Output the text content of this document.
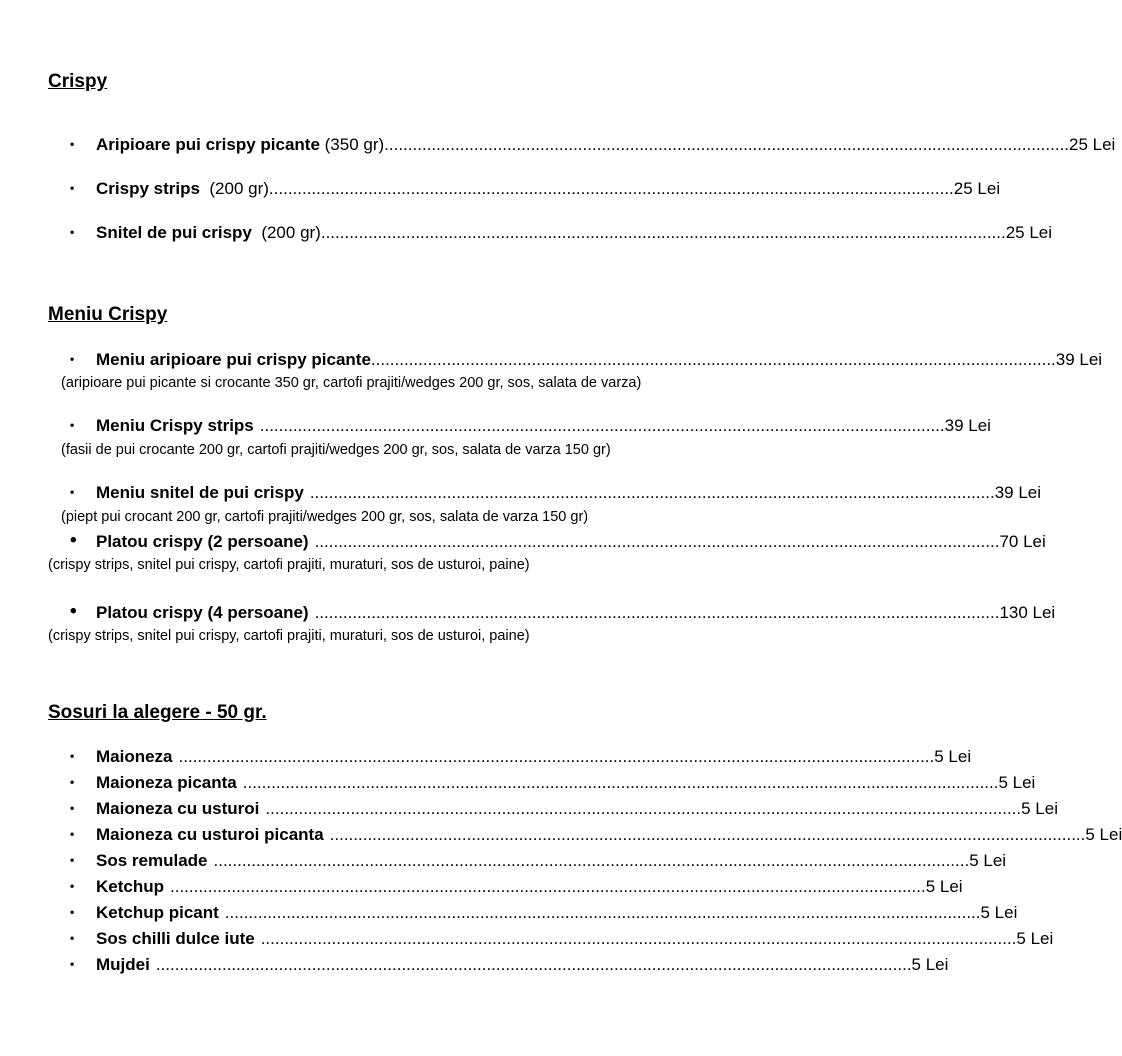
Crispy
• Aripioare pui crispy picante (350 gr) ................................................................................................................................................. 25 Lei
• Crispy strips (200 gr) ................................................................................................................................................. 25 Lei
• Snitel de pui crispy (200 gr) ................................................................................................................................................. 25 Lei
Meniu Crispy
• Meniu aripioare pui crispy picante ................................................................................................................................................. 39 Lei
(aripioare pui picante si crocante 350 gr, cartofi prajiti/wedges 200 gr, sos, salata de varza)
• Meniu Crispy strips ................................................................................................................................................. 39 Lei
(fasii de pui crocante 200 gr, cartofi prajiti/wedges 200 gr, sos, salata de varza 150 gr)
• Meniu snitel de pui crispy ................................................................................................................................................. 39 Lei
(piept pui crocant 200 gr, cartofi prajiti/wedges 200 gr, sos, salata de varza 150 gr)
• Platou crispy (2 persoane) ................................................................................................................................................. 70 Lei
(crispy strips, snitel pui crispy, cartofi prajiti, muraturi, sos de usturoi, paine)
• Platou crispy (4 persoane) ................................................................................................................................................. 130 Lei
(crispy strips, snitel pui crispy, cartofi prajiti, muraturi, sos de usturoi, paine)
Sosuri la alegere - 50 gr.
• Maioneza ................................................................................................................................................................ 5 Lei
• Maioneza picanta ................................................................................................................................................................ 5 Lei
• Maioneza cu usturoi ................................................................................................................................................................ 5 Lei
• Maioneza cu usturoi picanta ................................................................................................................................................................ 5 Lei
• Sos remulade ................................................................................................................................................................ 5 Lei
• Ketchup ................................................................................................................................................................ 5 Lei
• Ketchup picant ................................................................................................................................................................ 5 Lei
• Sos chilli dulce iute ................................................................................................................................................................ 5 Lei
• Mujdei ................................................................................................................................................................ 5 Lei
